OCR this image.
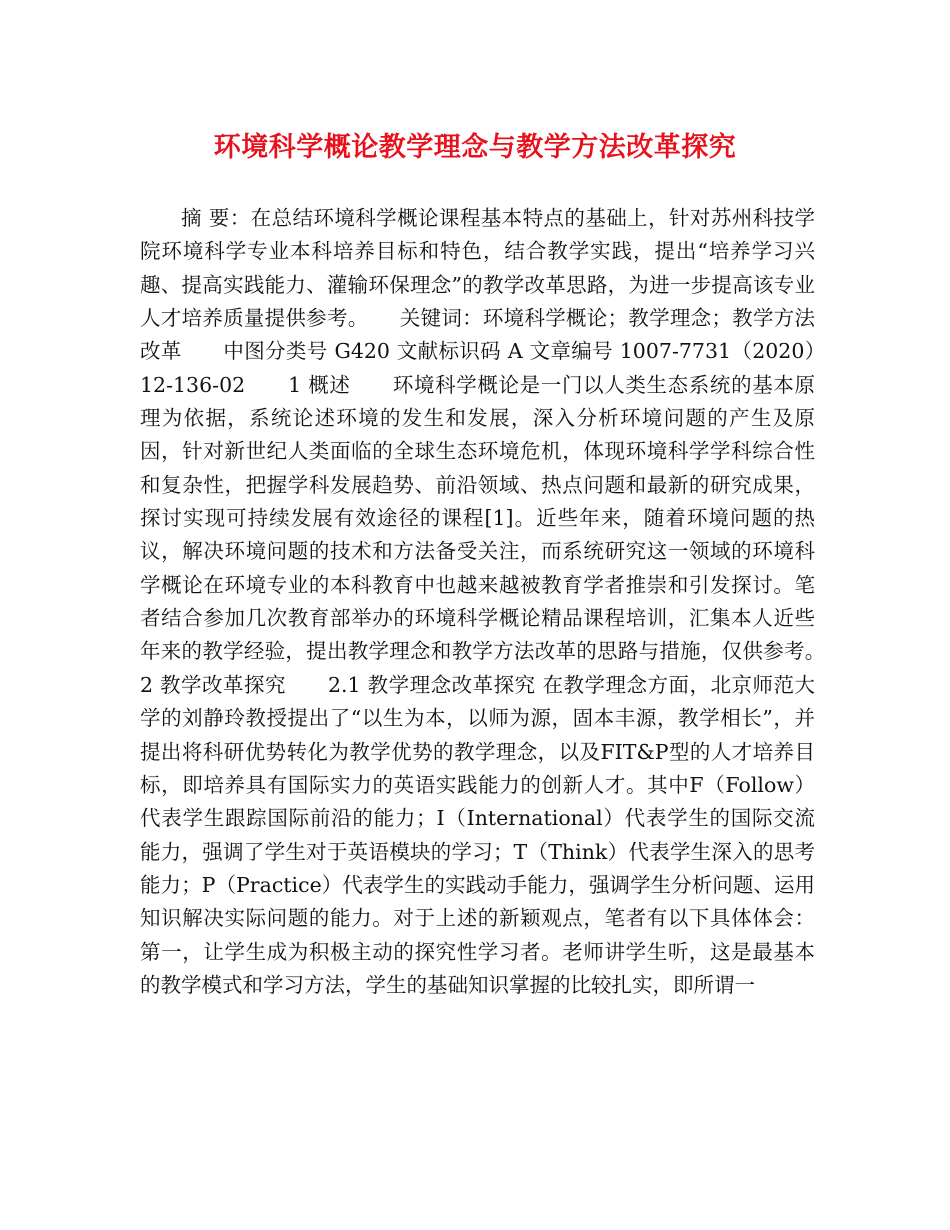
环境科学概论教学理念与教学方法改革探究

摘 要：在总结环境科学概论课程基本特点的基础上，针对苏州科技学院环境科学专业本科培养目标和特色，结合教学实践，提出“培养学习兴趣、提高实践能力、灌输环保理念”的教学改革思路，为进一步提高该专业人才培养质量提供参考。　　关键词：环境科学概论；教学理念；教学方法改革　　中图分类号 G420 文献标识码 A 文章编号 1007-7731（2020）12-136-02　　1 概述　　环境科学概论是一门以人类生态系统的基本原理为依据，系统论述环境的发生和发展，深入分析环境问题的产生及原因，针对新世纪人类面临的全球生态环境危机，体现环境科学学科综合性和复杂性，把握学科发展趋势、前沿领域、热点问题和最新的研究成果，探讨实现可持续发展有效途径的课程[1]。近些年来，随着环境问题的热议，解决环境问题的技术和方法备受关注，而系统研究这一领域的环境科学概论在环境专业的本科教育中也越来越被教育学者推崇和引发探讨。笔者结合参加几次教育部举办的环境科学概论精品课程培训，汇集本人近些年来的教学经验，提出教学理念和教学方法改革的思路与措施，仅供参考。　　2 教学改革探究　　2.1 教学理念改革探究 在教学理念方面，北京师范大学的刘静玲教授提出了“以生为本，以师为源，固本丰源，教学相长”，并提出将科研优势转化为教学优势的教学理念，以及FIT&P型的人才培养目标，即培养具有国际实力的英语实践能力的创新人才。其中F（Follow）代表学生跟踪国际前沿的能力；I（International）代表学生的国际交流能力，强调了学生对于英语模块的学习；T（Think）代表学生深入的思考能力；P（Practice）代表学生的实践动手能力，强调学生分析问题、运用知识解决实际问题的能力。对于上述的新颖观点，笔者有以下具体体会：第一，让学生成为积极主动的探究性学习者。老师讲学生听，这是最基本的教学模式和学习方法，学生的基础知识掌握的比较扎实，即所谓一
